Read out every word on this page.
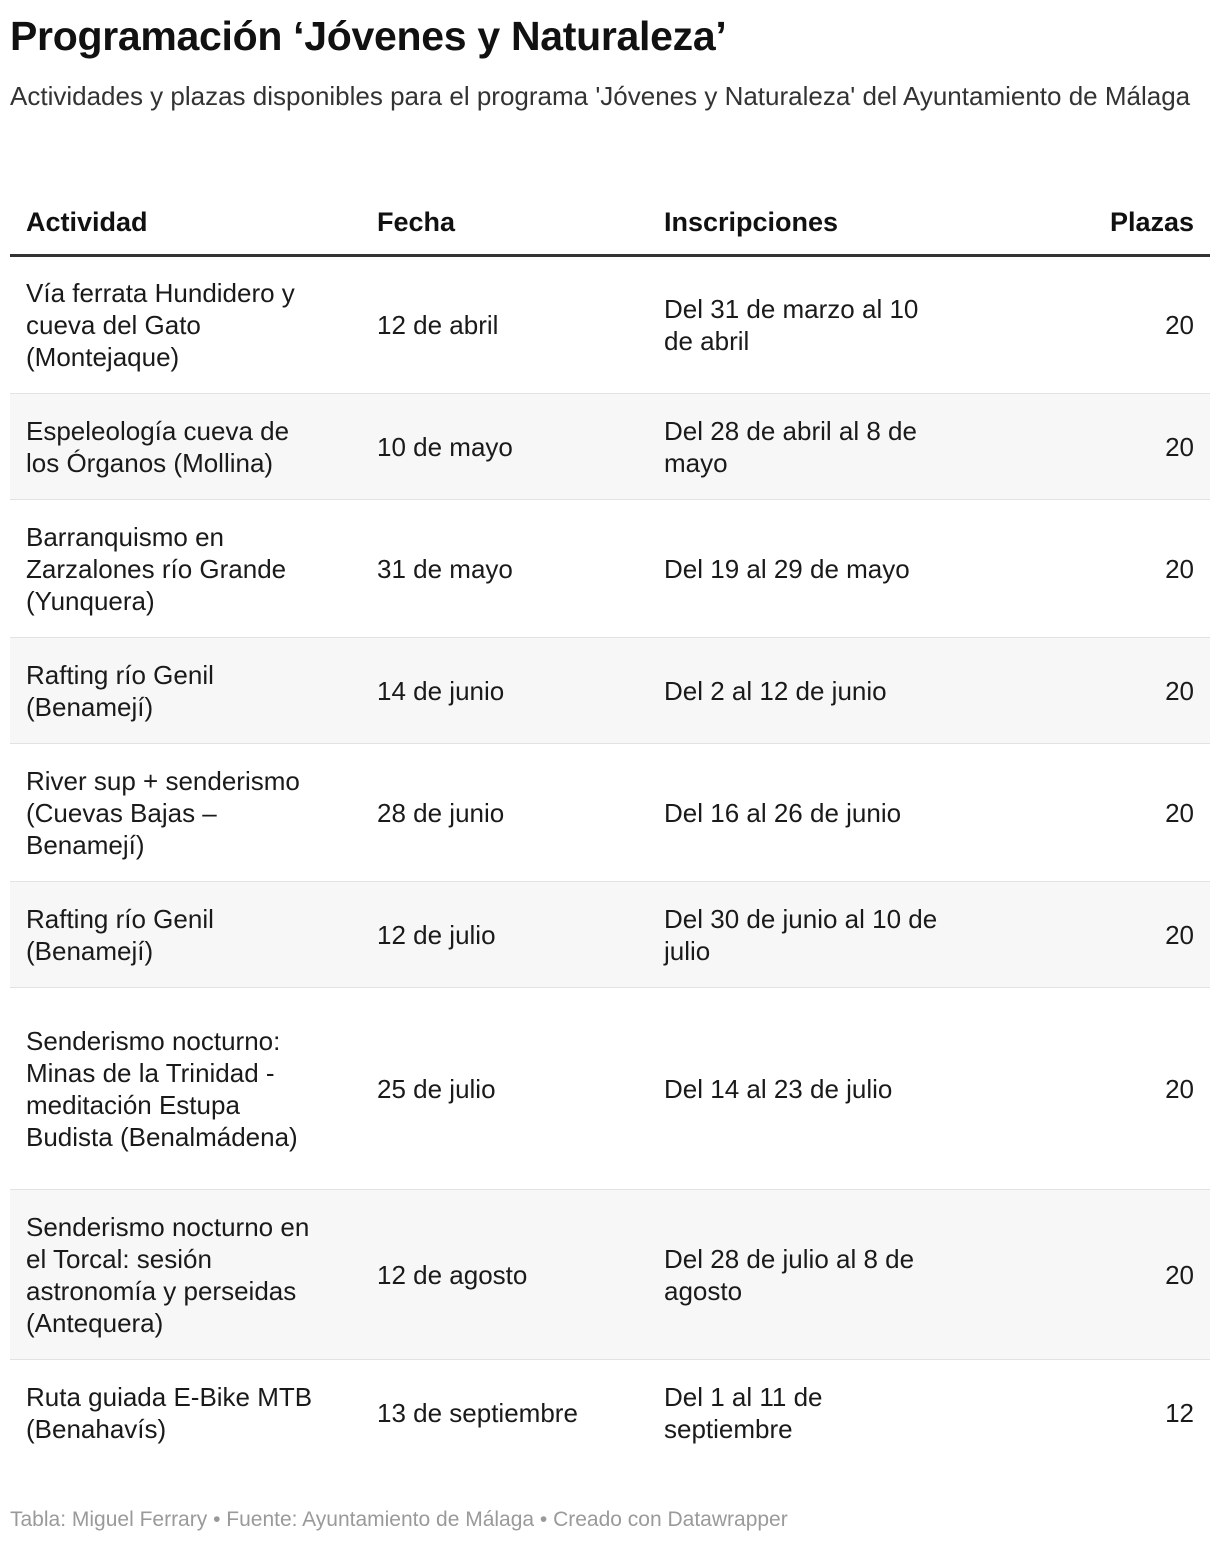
Programación ‘Jóvenes y Naturaleza’
Actividades y plazas disponibles para el programa 'Jóvenes y Naturaleza' del Ayuntamiento de Málaga
Actividad	Fecha	Inscripciones	Plazas

Vía ferrata Hundidero y cueva del Gato (Montejaque)	12 de abril	Del 31 de marzo al 10 de abril	20

Espeleología cueva de los Órganos (Mollina)	10 de mayo	Del 28 de abril al 8 de mayo	20

Barranquismo en Zarzalones río Grande (Yunquera)	31 de mayo	Del 19 al 29 de mayo	20

Rafting río Genil (Benamejí)	14 de junio	Del 2 al 12 de junio	20

River sup + senderismo (Cuevas Bajas – Benamejí)	28 de junio	Del 16 al 26 de junio	20

Rafting río Genil (Benamejí)	12 de julio	Del 30 de junio al 10 de julio	20

Senderismo nocturno: Minas de la Trinidad - meditación Estupa Budista (Benalmádena)	25 de julio	Del 14 al 23 de julio	20

Senderismo nocturno en el Torcal: sesión astronomía y perseidas (Antequera)	12 de agosto	Del 28 de julio al 8 de agosto	20

Ruta guiada E-Bike MTB (Benahavís)	13 de septiembre	Del 1 al 11 de septiembre	12
Tabla: Miguel Ferrary • Fuente: Ayuntamiento de Málaga • Creado con Datawrapper
